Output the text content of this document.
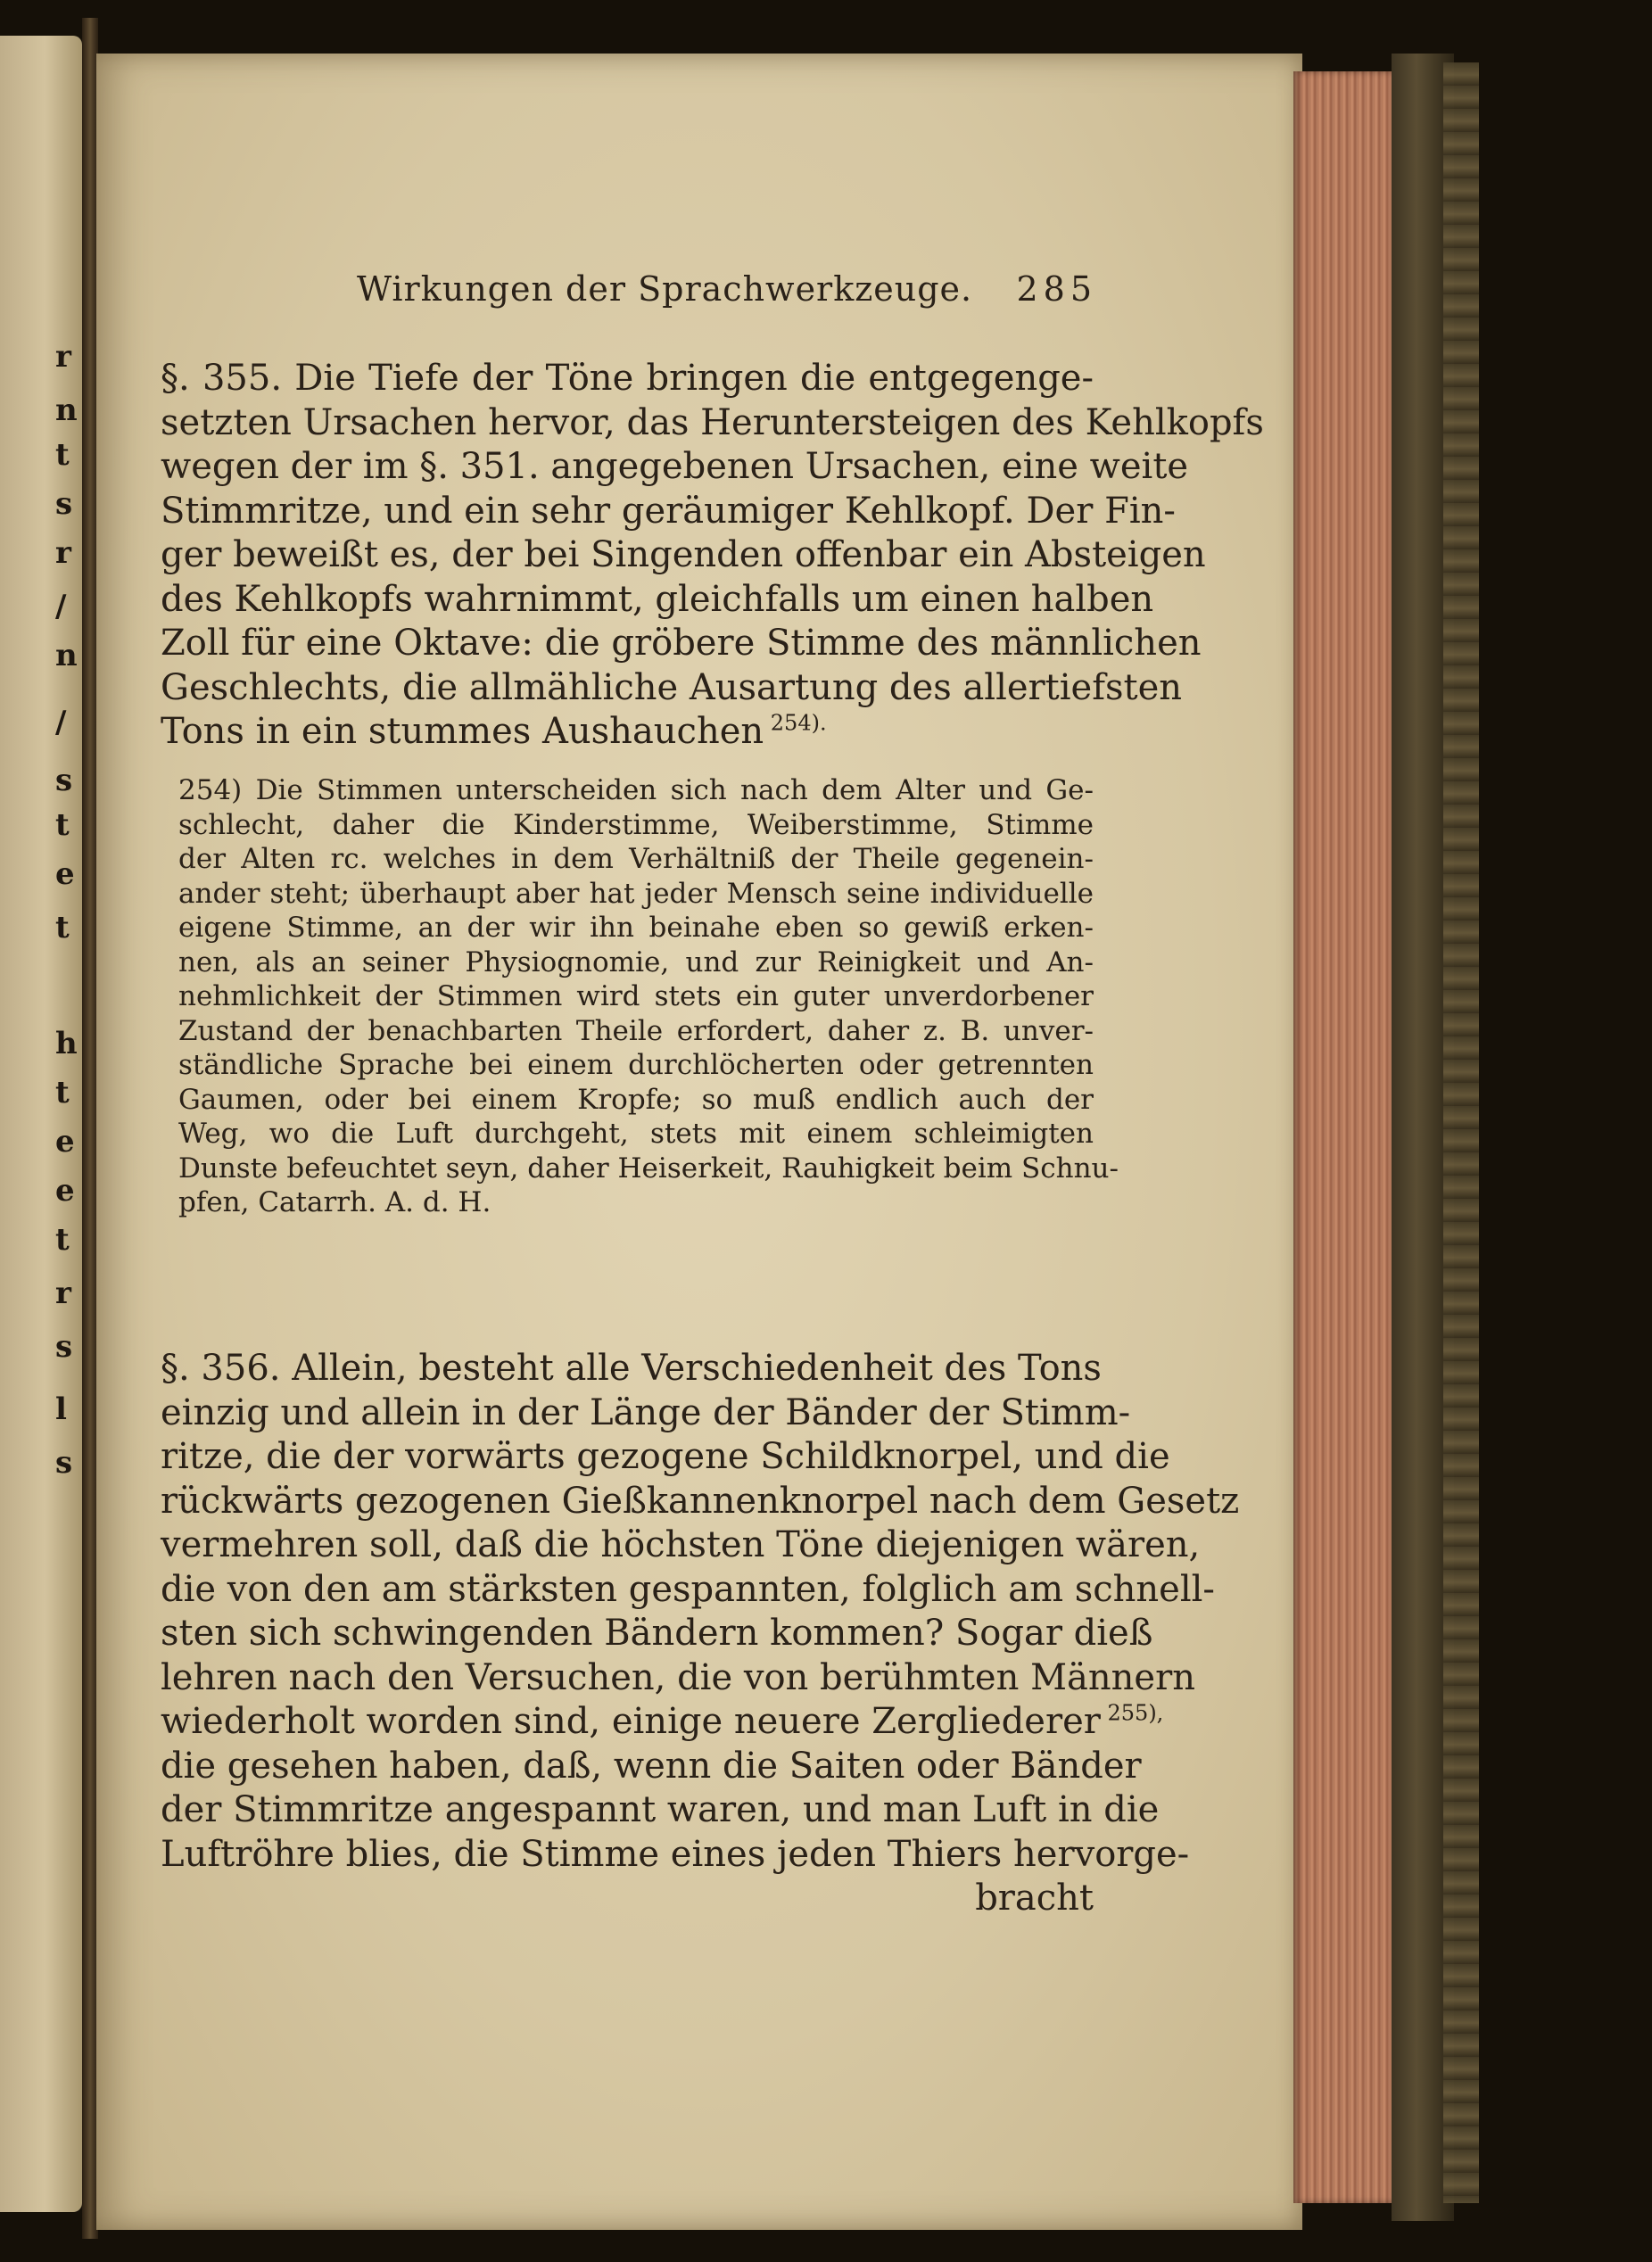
r
n
t
s
r
/
n
/
s
t
e
t
h
t
e
e
t
r
s
l
s
Wirkungen der Sprachwerkzeuge. 285
§. 355. Die Tiefe der Töne bringen die entgegenge-
setzten Ursachen hervor, das Heruntersteigen des Kehlkopfs
wegen der im §. 351. angegebenen Ursachen, eine weite
Stimmritze, und ein sehr geräumiger Kehlkopf. Der Fin-
ger beweißt es, der bei Singenden offenbar ein Absteigen
des Kehlkopfs wahrnimmt, gleichfalls um einen halben
Zoll für eine Oktave: die gröbere Stimme des männlichen
Geschlechts, die allmähliche Ausartung des allertiefsten
Tons in ein stummes Aushauchen $^{254).}$
254) Die Stimmen unterscheiden sich nach dem Alter und Ge-
schlecht, daher die Kinderstimme, Weiberstimme, Stimme
der Alten rc. welches in dem Verhältniß der Theile gegenein-
ander steht; überhaupt aber hat jeder Mensch seine individuelle
eigene Stimme, an der wir ihn beinahe eben so gewiß erken-
nen, als an seiner Physiognomie, und zur Reinigkeit und An-
nehmlichkeit der Stimmen wird stets ein guter unverdorbener
Zustand der benachbarten Theile erfordert, daher z. B. unver-
ständliche Sprache bei einem durchlöcherten oder getrennten
Gaumen, oder bei einem Kropfe; so muß endlich auch der
Weg, wo die Luft durchgeht, stets mit einem schleimigten
Dunste befeuchtet seyn, daher Heiserkeit, Rauhigkeit beim Schnu-
pfen, Catarrh. A. d. H.
§. 356. Allein, besteht alle Verschiedenheit des Tons
einzig und allein in der Länge der Bänder der Stimm-
ritze, die der vorwärts gezogene Schildknorpel, und die
rückwärts gezogenen Gießkannenknorpel nach dem Gesetz
vermehren soll, daß die höchsten Töne diejenigen wären,
die von den am stärksten gespannten, folglich am schnell-
sten sich schwingenden Bändern kommen? Sogar dieß
lehren nach den Versuchen, die von berühmten Männern
wiederholt worden sind, einige neuere Zergliederer $^{255),}$
die gesehen haben, daß, wenn die Saiten oder Bänder
der Stimmritze angespannt waren, und man Luft in die
Luftröhre blies, die Stimme eines jeden Thiers hervorge-
bracht
